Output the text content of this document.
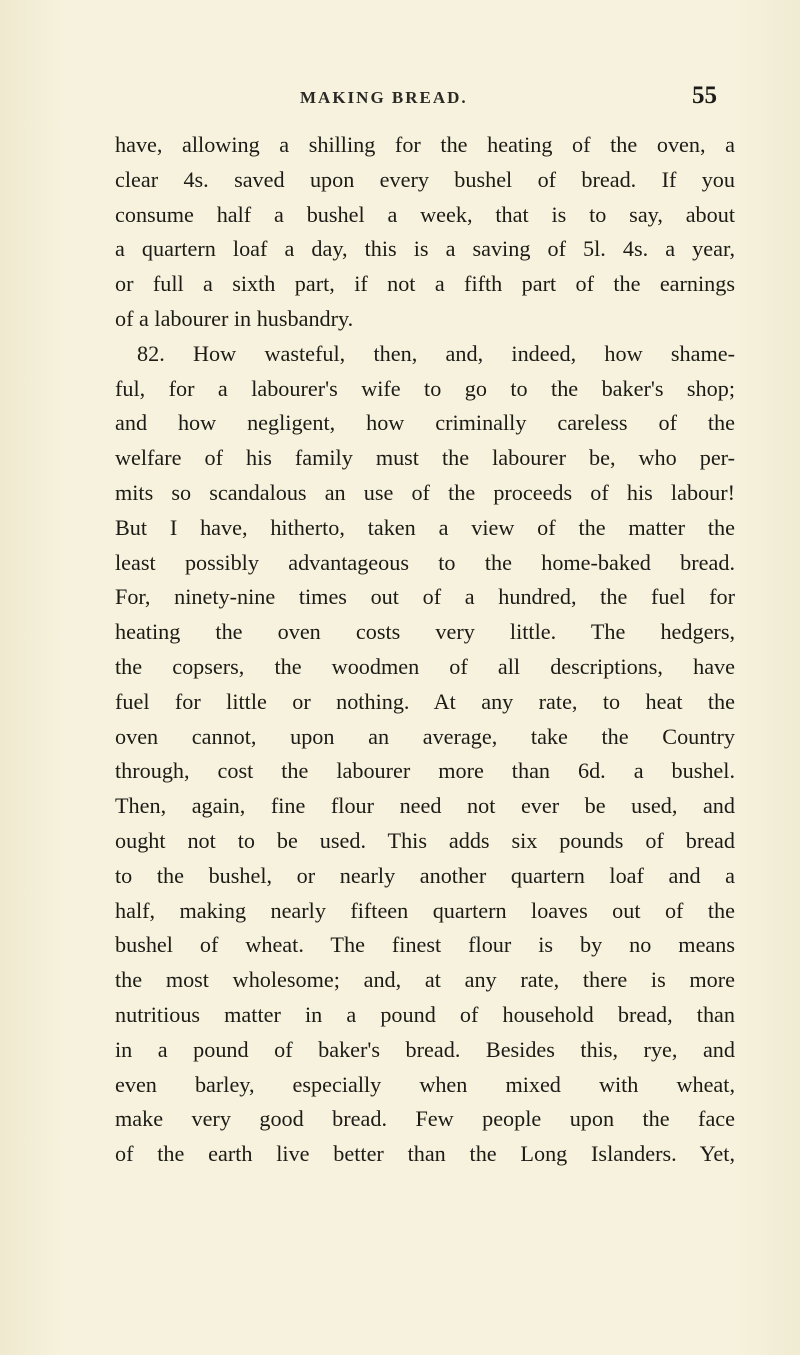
MAKING BREAD.	55
have, allowing a shilling for the heating of the oven, a
clear 4s. saved upon every bushel of bread. If you
consume half a bushel a week, that is to say, about
a quartern loaf a day, this is a saving of 5l. 4s. a year,
or full a sixth part, if not a fifth part of the earnings
of a labourer in husbandry.
82. How wasteful, then, and, indeed, how shame-
ful, for a labourer's wife to go to the baker's shop;
and how negligent, how criminally careless of the
welfare of his family must the labourer be, who per-
mits so scandalous an use of the proceeds of his labour!
But I have, hitherto, taken a view of the matter the
least possibly advantageous to the home-baked bread.
For, ninety-nine times out of a hundred, the fuel for
heating the oven costs very little. The hedgers,
the copsers, the woodmen of all descriptions, have
fuel for little or nothing. At any rate, to heat the
oven cannot, upon an average, take the Country
through, cost the labourer more than 6d. a bushel.
Then, again, fine flour need not ever be used, and
ought not to be used. This adds six pounds of bread
to the bushel, or nearly another quartern loaf and a
half, making nearly fifteen quartern loaves out of the
bushel of wheat. The finest flour is by no means
the most wholesome; and, at any rate, there is more
nutritious matter in a pound of household bread, than
in a pound of baker's bread. Besides this, rye, and
even barley, especially when mixed with wheat,
make very good bread. Few people upon the face
of the earth live better than the Long Islanders. Yet,
